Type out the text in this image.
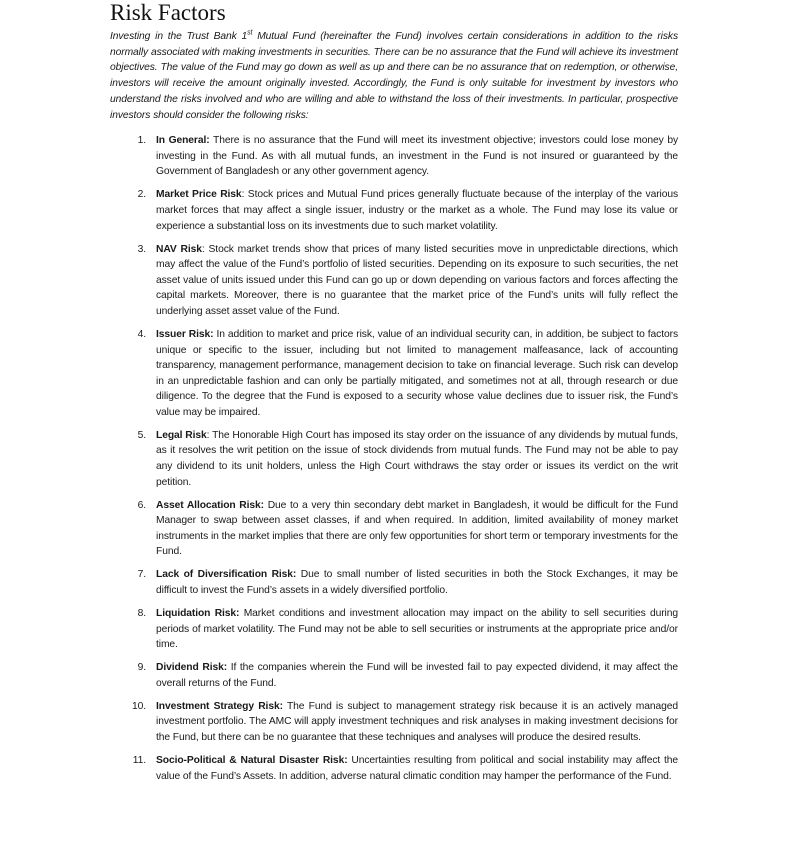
Risk Factors

Investing in the Trust Bank 1st Mutual Fund (hereinafter the Fund) involves certain considerations in addition to the risks normally associated with making investments in securities. There can be no assurance that the Fund will achieve its investment objectives. The value of the Fund may go down as well as up and there can be no assurance that on redemption, or otherwise, investors will receive the amount originally invested. Accordingly, the Fund is only suitable for investment by investors who understand the risks involved and who are willing and able to withstand the loss of their investments. In particular, prospective investors should consider the following risks:

1. In General: There is no assurance that the Fund will meet its investment objective; investors could lose money by investing in the Fund. As with all mutual funds, an investment in the Fund is not insured or guaranteed by the Government of Bangladesh or any other government agency.
2. Market Price Risk: Stock prices and Mutual Fund prices generally fluctuate because of the interplay of the various market forces that may affect a single issuer, industry or the market as a whole. The Fund may lose its value or experience a substantial loss on its investments due to such market volatility.
3. NAV Risk: Stock market trends show that prices of many listed securities move in unpredictable directions, which may affect the value of the Fund’s portfolio of listed securities. Depending on its exposure to such securities, the net asset value of units issued under this Fund can go up or down depending on various factors and forces affecting the capital markets. Moreover, there is no guarantee that the market price of the Fund’s units will fully reflect the underlying asset asset value of the Fund.
4. Issuer Risk: In addition to market and price risk, value of an individual security can, in addition, be subject to factors unique or specific to the issuer, including but not limited to management malfeasance, lack of accounting transparency, management performance, management decision to take on financial leverage. Such risk can develop in an unpredictable fashion and can only be partially mitigated, and sometimes not at all, through research or due diligence. To the degree that the Fund is exposed to a security whose value declines due to issuer risk, the Fund’s value may be impaired.
5. Legal Risk: The Honorable High Court has imposed its stay order on the issuance of any dividends by mutual funds, as it resolves the writ petition on the issue of stock dividends from mutual funds. The Fund may not be able to pay any dividend to its unit holders, unless the High Court withdraws the stay order or issues its verdict on the writ petition.
6. Asset Allocation Risk: Due to a very thin secondary debt market in Bangladesh, it would be difficult for the Fund Manager to swap between asset classes, if and when required. In addition, limited availability of money market instruments in the market implies that there are only few opportunities for short term or temporary investments for the Fund.
7. Lack of Diversification Risk: Due to small number of listed securities in both the Stock Exchanges, it may be difficult to invest the Fund’s assets in a widely diversified portfolio.
8. Liquidation Risk: Market conditions and investment allocation may impact on the ability to sell securities during periods of market volatility. The Fund may not be able to sell securities or instruments at the appropriate price and/or time.
9. Dividend Risk: If the companies wherein the Fund will be invested fail to pay expected dividend, it may affect the overall returns of the Fund.
10. Investment Strategy Risk: The Fund is subject to management strategy risk because it is an actively managed investment portfolio. The AMC will apply investment techniques and risk analyses in making investment decisions for the Fund, but there can be no guarantee that these techniques and analyses will produce the desired results.
11. Socio-Political & Natural Disaster Risk: Uncertainties resulting from political and social instability may affect the value of the Fund’s Assets. In addition, adverse natural climatic condition may hamper the performance of the Fund.
